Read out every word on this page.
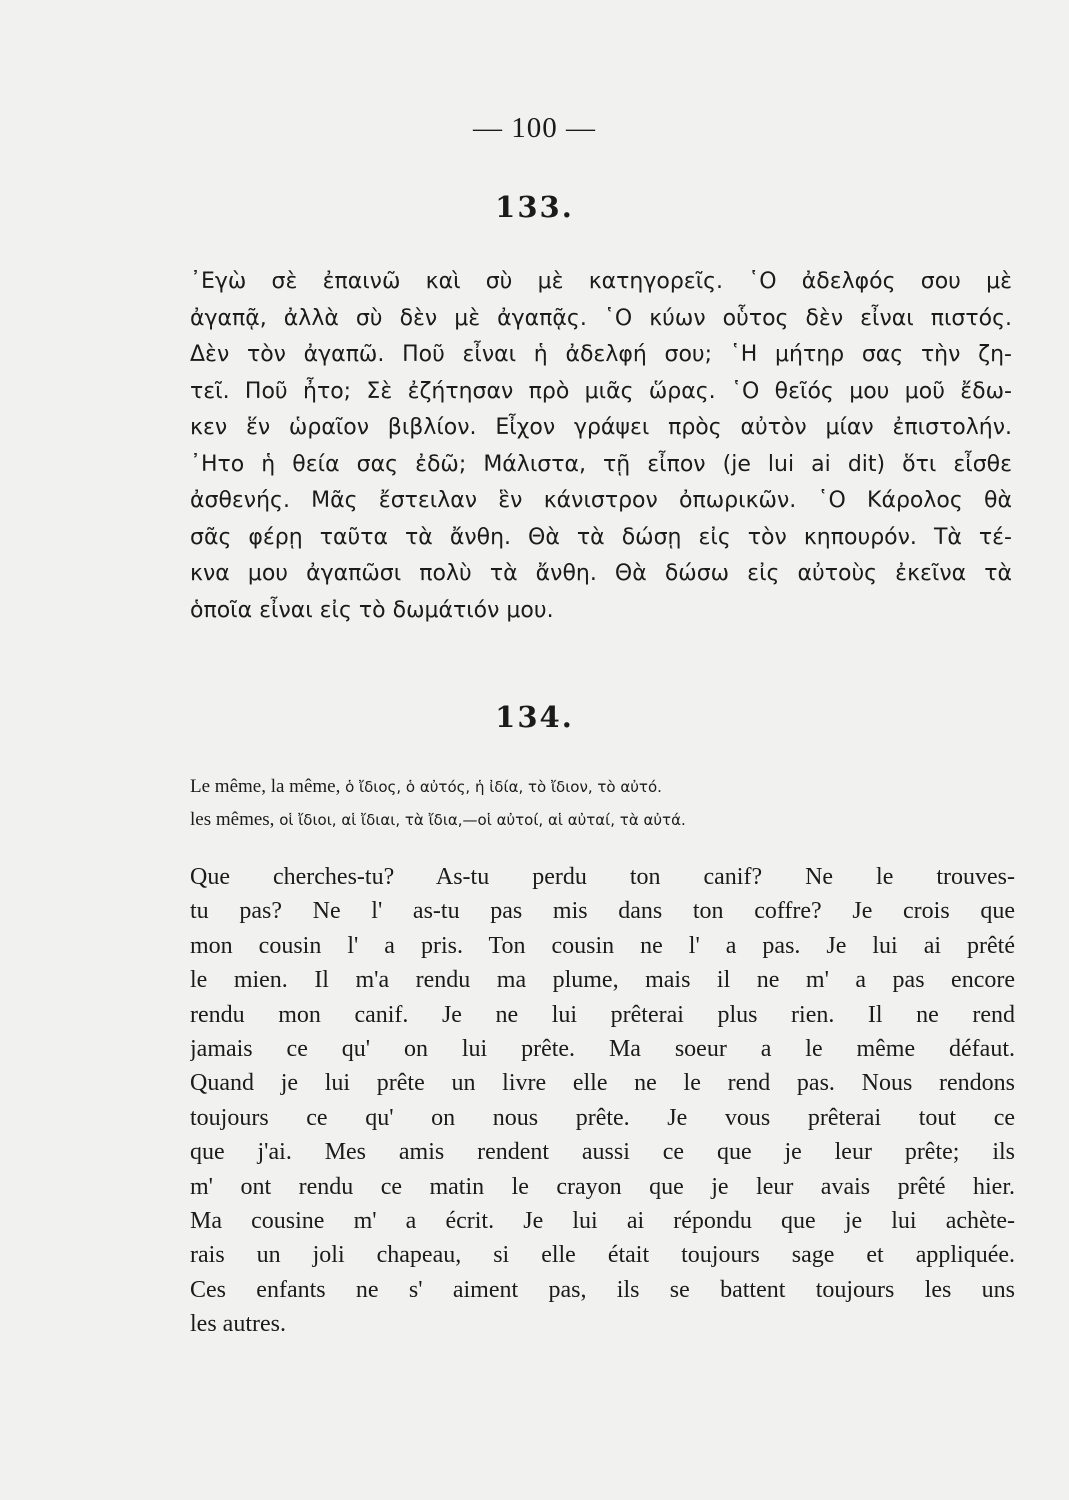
— 100 —
133.
᾿Εγὼ σὲ ἐπαινῶ καὶ σὺ μὲ κατηγορεῖς. ῾Ο ἀδελφός σου μὲ
ἀγαπᾷ, ἀλλὰ σὺ δὲν μὲ ἀγαπᾷς. ῾Ο κύων οὗτος δὲν εἶναι πιστός.
Δὲν τὸν ἀγαπῶ. Ποῦ εἶναι ἡ ἀδελφή σου; ῾Η μήτηρ σας τὴν ζη-
τεῖ. Ποῦ ἦτο; Σὲ ἐζήτησαν πρὸ μιᾶς ὥρας. ῾Ο θεῖός μου μοῦ ἔδω-
κεν ἕν ὡραῖον βιβλίον. Εἶχον γράψει πρὸς αὐτὸν μίαν ἐπιστολήν.
᾿Ητο ἡ θεία σας ἐδῶ; Μάλιστα, τῇ εἶπον (je lui ai dit) ὅτι εἶσθε
ἀσθενής. Μᾶς ἔστειλαν ἓν κάνιστρον ὀπωρικῶν. ῾Ο Κάρολος θὰ
σᾶς φέρῃ ταῦτα τὰ ἄνθη. Θὰ τὰ δώσῃ εἰς τὸν κηπουρόν. Τὰ τέ-
κνα μου ἀγαπῶσι πολὺ τὰ ἄνθη. Θὰ δώσω εἰς αὐτοὺς ἐκεῖνα τὰ
ὁποῖα εἶναι εἰς τὸ δωμάτιόν μου.
134.
Le même, la même, ὁ ἴδιος, ὁ αὐτός, ἡ ἰδία, τὸ ἴδιον, τὸ αὐτό.
les mêmes, οἱ ἴδιοι, αἱ ἴδιαι, τὰ ἴδια,—οἱ αὐτοί, αἱ αὐταί, τὰ αὐτά.
Que cherches-tu? As-tu perdu ton canif? Ne le trouves-
tu pas? Ne l' as-tu pas mis dans ton coffre? Je crois que
mon cousin l' a pris. Ton cousin ne l' a pas. Je lui ai prêté
le mien. Il m'a rendu ma plume, mais il ne m' a pas encore
rendu mon canif. Je ne lui prêterai plus rien. Il ne rend
jamais ce qu' on lui prête. Ma soeur a le même défaut.
Quand je lui prête un livre elle ne le rend pas. Nous rendons
toujours ce qu' on nous prête. Je vous prêterai tout ce
que j'ai. Mes amis rendent aussi ce que je leur prête; ils
m' ont rendu ce matin le crayon que je leur avais prêté hier.
Ma cousine m' a écrit. Je lui ai répondu que je lui achète-
rais un joli chapeau, si elle était toujours sage et appliquée.
Ces enfants ne s' aiment pas, ils se battent toujours les uns
les autres.
